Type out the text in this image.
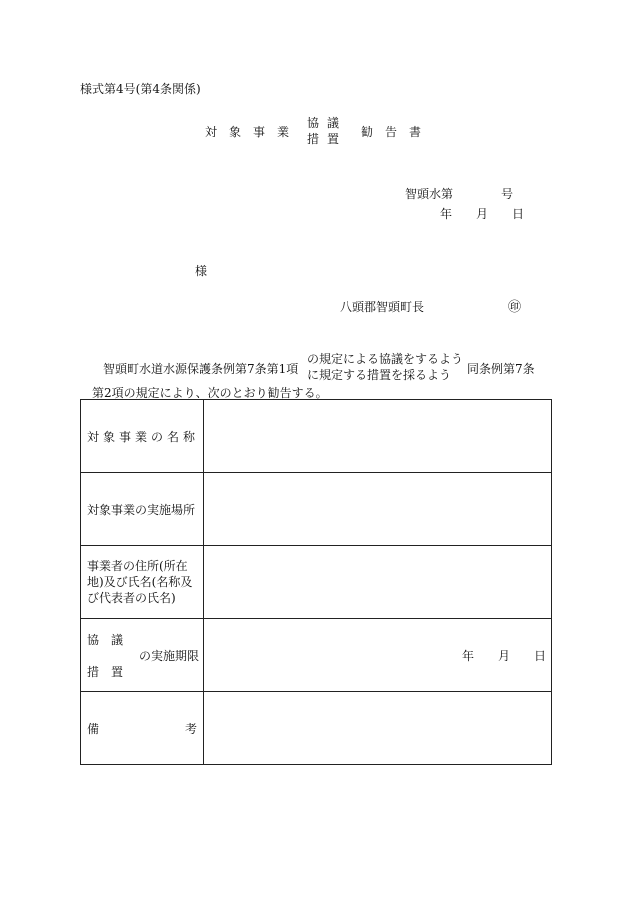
様式第4号(第4条関係)
対象事業
協議
措置
勧告書
智頭水第　　　　号
年　　月　　日
様
八頭郡智頭町長	㊞
智頭町水道水源保護条例第7条第1項
の規定による協議をするよう
に規定する措置を採るよう	同条例第7条
第2項の規定により、次のとおり勧告する。
対象事業の名称	
対象事業の実施場所	

事業者の住所(所在地)及び氏名(名称及び代表者の氏名)	

協　議
措　置
の実施期限	年　　月　　日

備 考	
